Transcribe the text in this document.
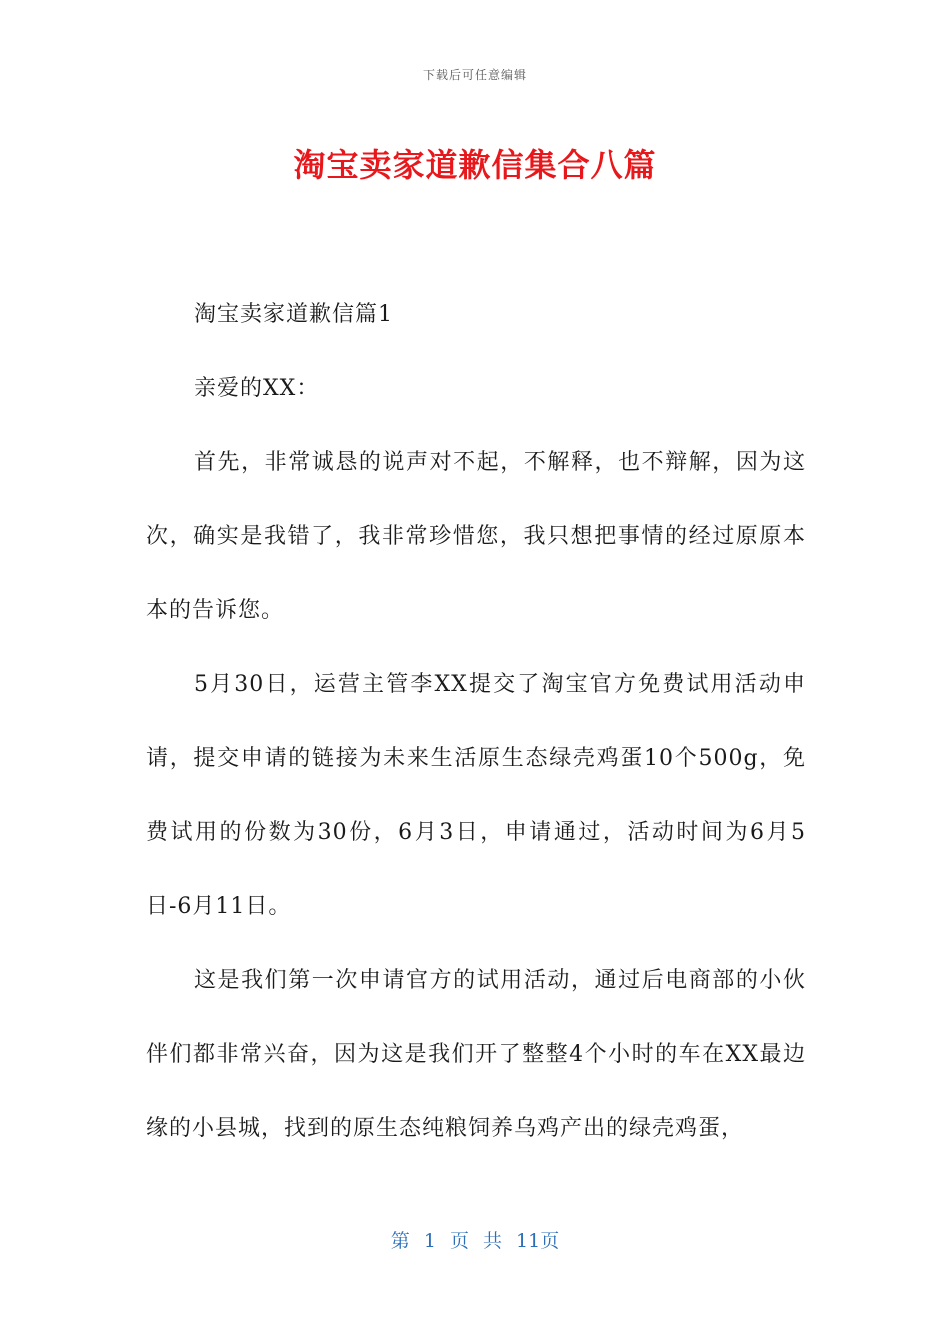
下载后可任意编辑
淘宝卖家道歉信集合八篇

淘宝卖家道歉信篇1

亲爱的XX：

首先，非常诚恳的说声对不起，不解释，也不辩解，因为这次，确实是我错了，我非常珍惜您，我只想把事情的经过原原本本的告诉您。

5月30日，运营主管李XX提交了淘宝官方免费试用活动申请，提交申请的链接为未来生活原生态绿壳鸡蛋10个500g，免费试用的份数为30份，6月3日，申请通过，活动时间为6月5日-6月11日。

这是我们第一次申请官方的试用活动，通过后电商部的小伙伴们都非常兴奋，因为这是我们开了整整4个小时的车在XX最边缘的小县城，找到的原生态纯粮饲养乌鸡产出的绿壳鸡蛋，

第 1 页 共 11页
